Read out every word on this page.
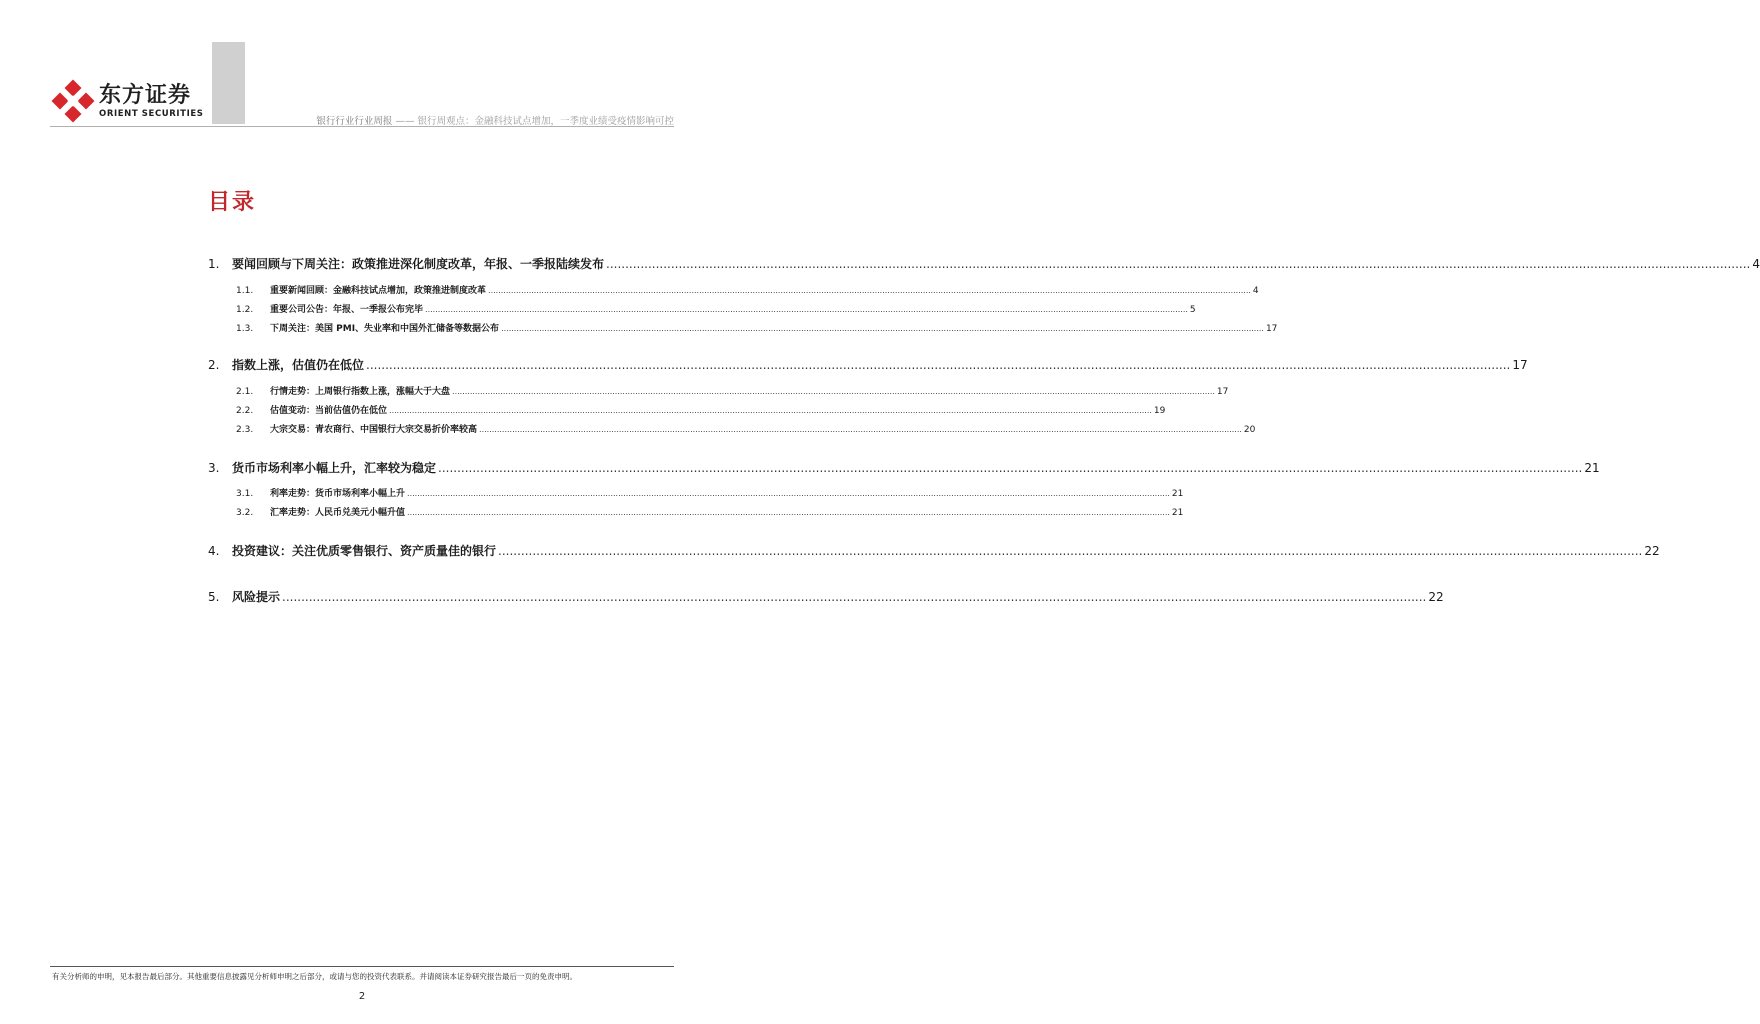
东方证券
ORIENT SECURITIES
银行行业行业周报 —— 银行周观点：金融科技试点增加，一季度业绩受疫情影响可控
目录
1.	要闻回顾与下周关注：政策推进深化制度改革，年报、一季报陆续发布 ............................................................................................................................................................................................................................................................................................................ 4
1.1.	重要新闻回顾： 金融科技试点增加，政策推进制度改革 ............................................................................................................................................................................................................................................................................................................ 4
1.2.	重要公司公告： 年报、一季报公布完毕 ............................................................................................................................................................................................................................................................................................................ 5
1.3.	下周关注： 美国 PMI、失业率和中国外汇储备等数据公布 ............................................................................................................................................................................................................................................................................................................ 17
2.	指数上涨，估值仍在低位 ............................................................................................................................................................................................................................................................................................................ 17
2.1.	行情走势： 上周银行指数上涨，涨幅大于大盘 ............................................................................................................................................................................................................................................................................................................ 17
2.2.	估值变动： 当前估值仍在低位 ............................................................................................................................................................................................................................................................................................................ 19
2.3.	大宗交易： 青农商行、中国银行大宗交易折价率较高 ............................................................................................................................................................................................................................................................................................................ 20
3.	货币市场利率小幅上升，汇率较为稳定 ............................................................................................................................................................................................................................................................................................................ 21
3.1.	利率走势： 货币市场利率小幅上升 ............................................................................................................................................................................................................................................................................................................ 21
3.2.	汇率走势： 人民币兑美元小幅升值 ............................................................................................................................................................................................................................................................................................................ 21
4.	投资建议：关注优质零售银行、资产质量佳的银行 ............................................................................................................................................................................................................................................................................................................ 22
5.	风险提示 ............................................................................................................................................................................................................................................................................................................ 22
有关分析师的申明，见本报告最后部分。其他重要信息披露见分析师申明之后部分，或请与您的投资代表联系。并请阅读本证券研究报告最后一页的免责申明。
2
